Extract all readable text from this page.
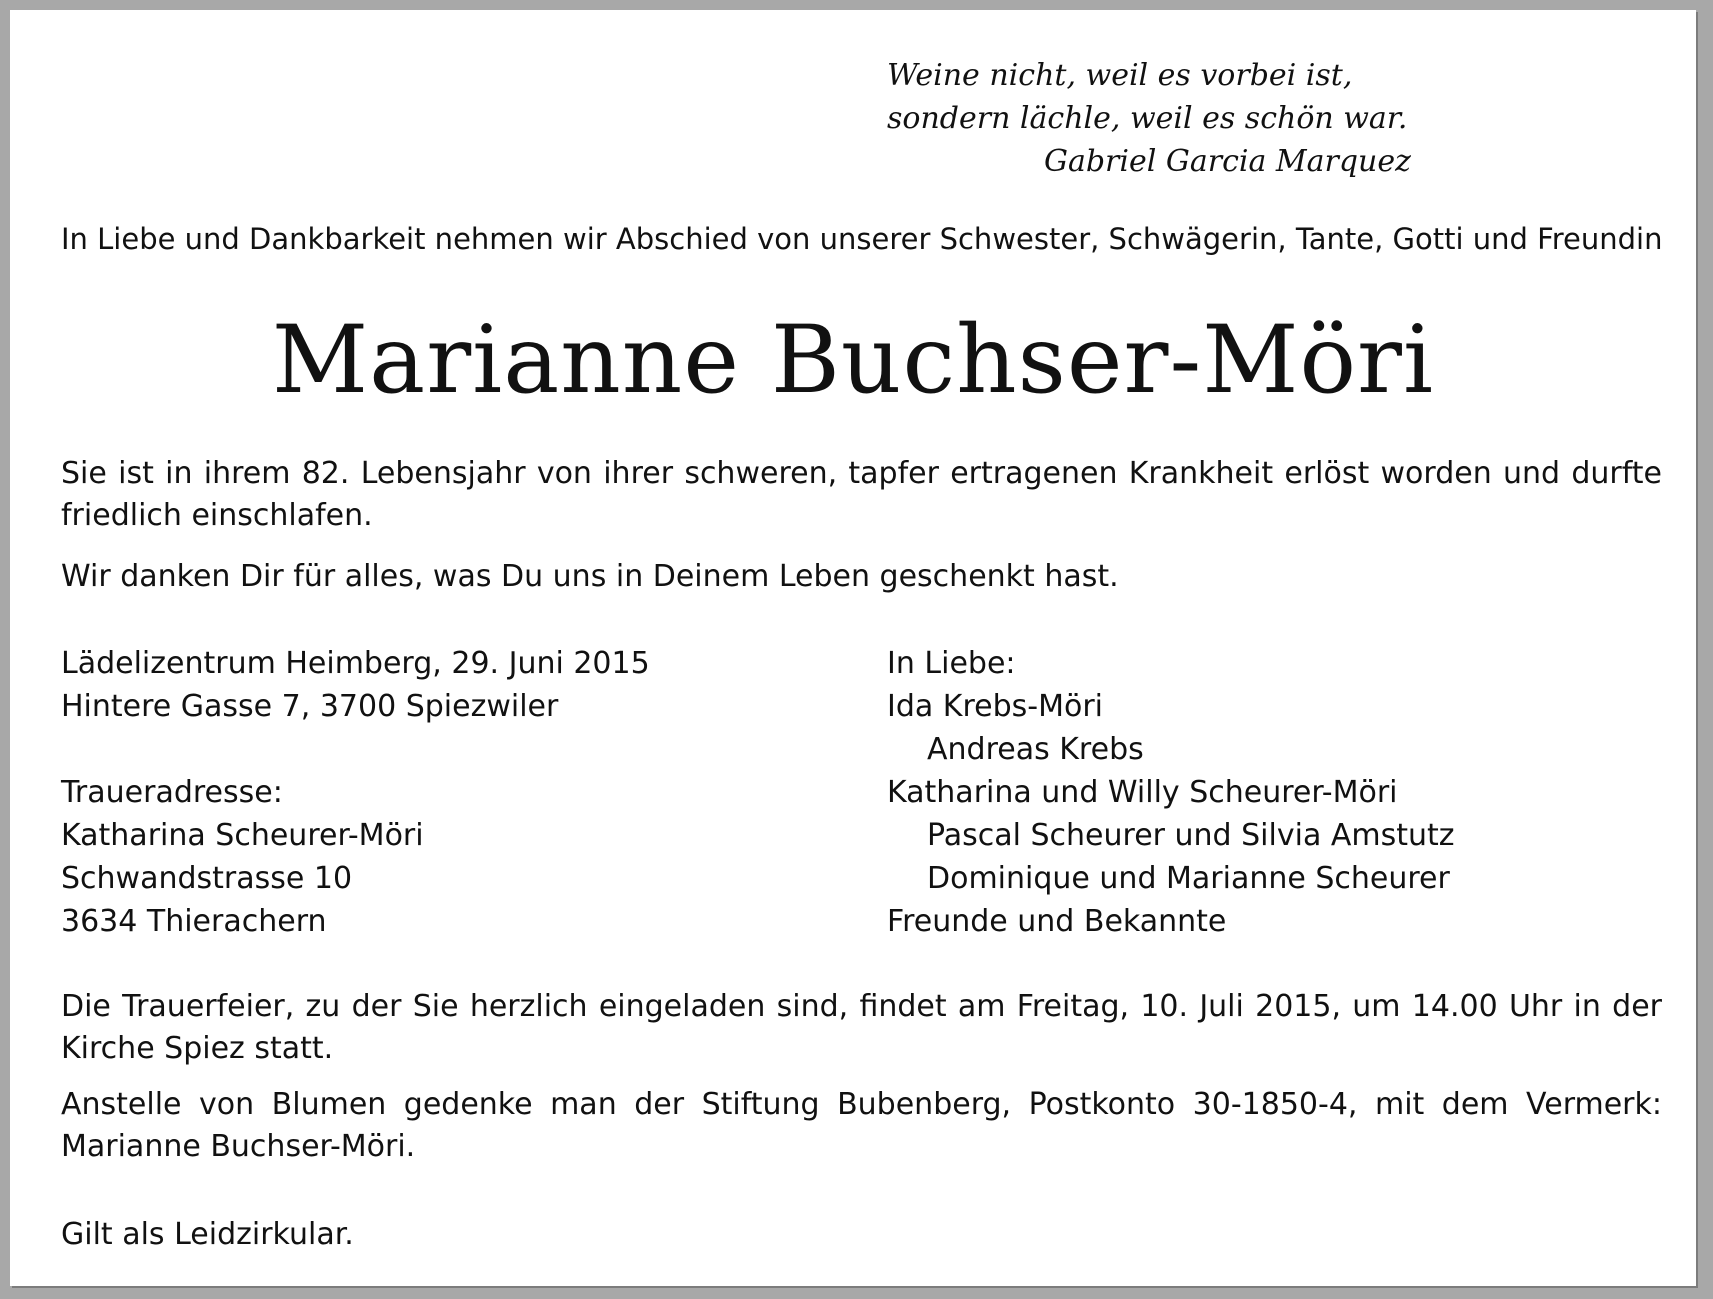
Weine nicht, weil es vorbei ist,
sondern lächle, weil es schön war.
Gabriel Garcia Marquez
In Liebe und Dankbarkeit nehmen wir Abschied von unserer Schwester, Schwägerin, Tante, Gotti und Freundin
Marianne Buchser-Möri
Sie ist in ihrem 82. Lebensjahr von ihrer schweren, tapfer ertragenen Krankheit erlöst worden und durfte friedlich einschlafen.
Wir danken Dir für alles, was Du uns in Deinem Leben geschenkt hast.
Lädelizentrum Heimberg, 29. Juni 2015
Hintere Gasse 7, 3700 Spiezwiler
Traueradresse:
Katharina Scheurer-Möri
Schwandstrasse 10
3634 Thierachern
In Liebe:
Ida Krebs-Möri
Andreas Krebs
Katharina und Willy Scheurer-Möri
Pascal Scheurer und Silvia Amstutz
Dominique und Marianne Scheurer
Freunde und Bekannte
Die Trauerfeier, zu der Sie herzlich eingeladen sind, findet am Freitag, 10. Juli 2015, um 14.00 Uhr in der Kirche Spiez statt.
Anstelle von Blumen gedenke man der Stiftung Bubenberg, Postkonto 30-1850-4, mit dem Vermerk: Marianne Buchser-Möri.
Gilt als Leidzirkular.
